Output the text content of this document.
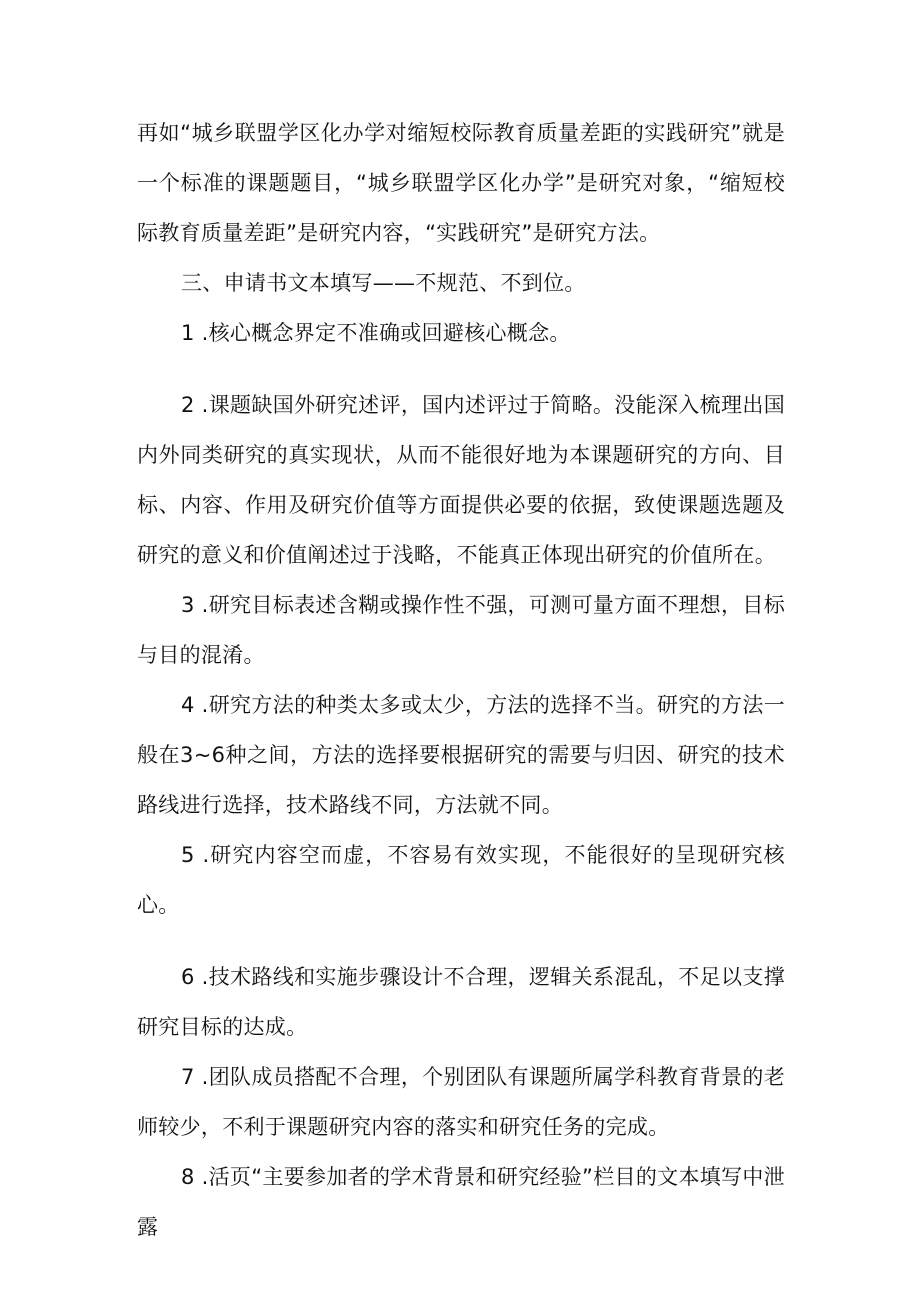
再如“城乡联盟学区化办学对缩短校际教育质量差距的实践研究”就是一个标准的课题题目，“城乡联盟学区化办学”是研究对象，“缩短校际教育质量差距”是研究内容，“实践研究”是研究方法。

三、申请书文本填写——不规范、不到位。

1 .核心概念界定不准确或回避核心概念。

2 .课题缺国外研究述评，国内述评过于简略。没能深入梳理出国内外同类研究的真实现状，从而不能很好地为本课题研究的方向、目标、内容、作用及研究价值等方面提供必要的依据，致使课题选题及研究的意义和价值阐述过于浅略，不能真正体现出研究的价值所在。

3 .研究目标表述含糊或操作性不强，可测可量方面不理想，目标与目的混淆。

4 .研究方法的种类太多或太少，方法的选择不当。研究的方法一般在3~6种之间，方法的选择要根据研究的需要与归因、研究的技术路线进行选择，技术路线不同，方法就不同。

5 .研究内容空而虚，不容易有效实现，不能很好的呈现研究核心。

6 .技术路线和实施步骤设计不合理，逻辑关系混乱，不足以支撑研究目标的达成。

7 .团队成员搭配不合理，个别团队有课题所属学科教育背景的老师较少，不利于课题研究内容的落实和研究任务的完成。

8 .活页“主要参加者的学术背景和研究经验”栏目的文本填写中泄露
